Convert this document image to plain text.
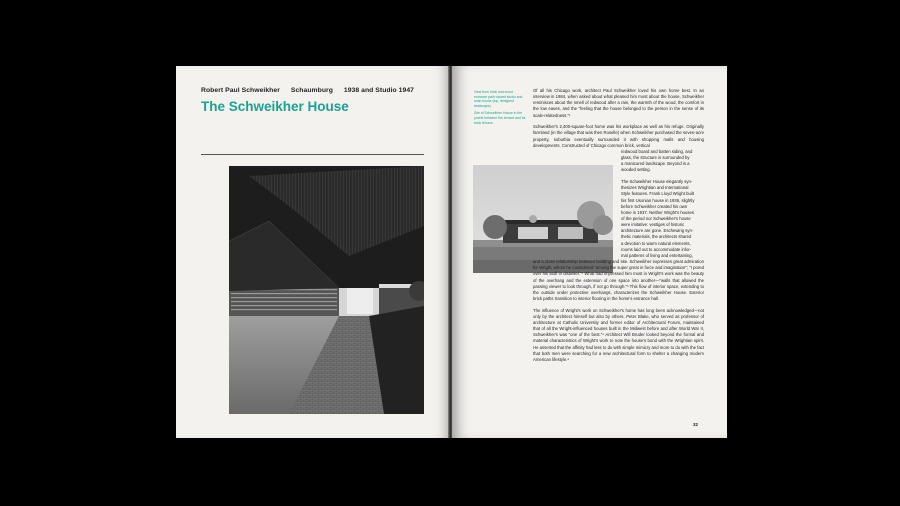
Robert Paul Schweikher Schaumburg 1938 and Studio 1947
The Schweikher House

View from brick and wood entrance path toward studio and main house (top, designed landscape).

Site of Schweikher House in the prairie between the terrace and its brick terrace.

Of all his Chicago work, architect Paul Schweikher loved his own home best. In an interview in 1984, when asked about what pleased him most about the house, Schweikher reminisces about the smell of redwood after a rain, the warmth of the wood, the comfort in the low eaves, and the "feeling that the house belonged to the person in the sense of its scale-relatedness."¹

Schweikher's 2,400-square-foot home was his workplace as well as his refuge. Originally farmland (in the village that was then Roselle) when Schweikher purchased the seven-acre property, suburbia eventually surrounded it with shopping malls and housing developments. Constructed of Chicago common brick, vertical

redwood board and batten siding, and
glass, the structure is surrounded by
a manicured landscape. Beyond is a
wooded setting.
The Schweikher House elegantly syn-
thesizes Wrightian and International
Style features. Frank Lloyd Wright built
his first Usonian house in 1936, slightly
before Schweikher created his own
home in 1937. Neither Wright's houses
of the period nor Schweikher's house
were imitative: vestiges of historic
architecture are gone. Eschewing syn-
thetic materials, the architects shared
a devotion to warm natural elements,
rooms laid out to accommodate infor-
mal patterns of living and entertaining,

and a close relationship between building and site. Schweikher expresses great admiration for Wright, whom he considered "among the super great in force and imagination"; "I pored over his stuff in disbelief."² What had impressed him most in Wright's work was the beauty of the overhang and the extension of one space into another—"walls that allowed the passing viewer to look through, if not go through."³ This flow of interior space, extending to the outside under protective overhangs, characterizes the Schweikher House. Exterior brick paths transition to interior flooring in the home's entrance hall.

The influence of Wright's work on Schweikher's home has long been acknowledged—not only by the architect himself but also by others. Peter Blake, who served as professor of architecture at Catholic University and former editor of Architectural Forum, maintained that of all the Wright-influenced houses built in the Midwest before and after World War II, Schweikher's was "one of the best."⁴ Architect Will Bruder looked beyond the formal and material characteristics of Wright's work to note the house's bond with the Wrightian spirit. He asserted that the affinity had less to do with simple mimicry and more to do with the fact that both men were searching for a new architectural form to shelter a changing modern American lifestyle.⁵

32
